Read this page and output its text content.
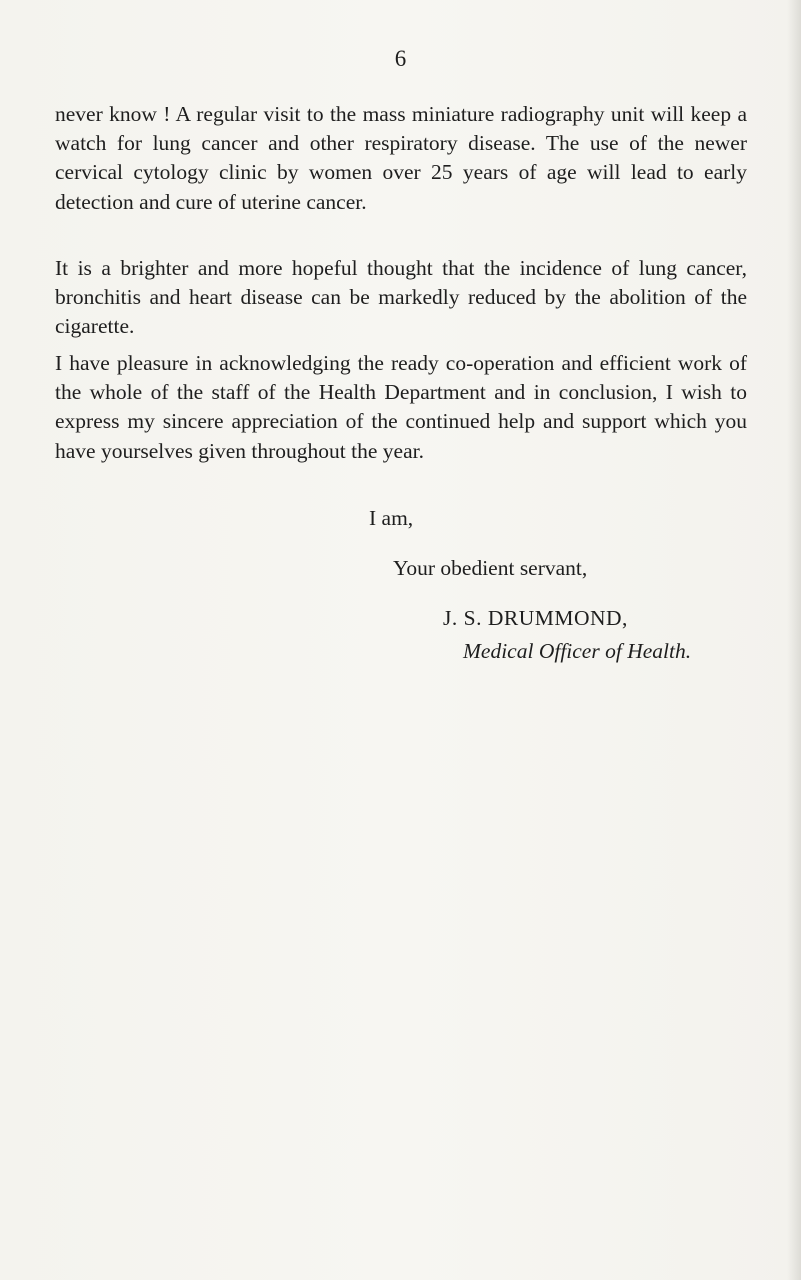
6

never know ! A regular visit to the mass miniature radiography unit will keep a watch for lung cancer and other respiratory disease. The use of the newer cervical cytology clinic by women over 25 years of age will lead to early detection and cure of uterine cancer.

It is a brighter and more hopeful thought that the incidence of lung cancer, bronchitis and heart disease can be markedly reduced by the abolition of the cigarette.

I have pleasure in acknowledging the ready co-operation and efficient work of the whole of the staff of the Health Department and in conclusion, I wish to express my sincere appreciation of the continued help and support which you have yourselves given throughout the year.

I am,
Your obedient servant,
J. S. DRUMMOND,
Medical Officer of Health.
